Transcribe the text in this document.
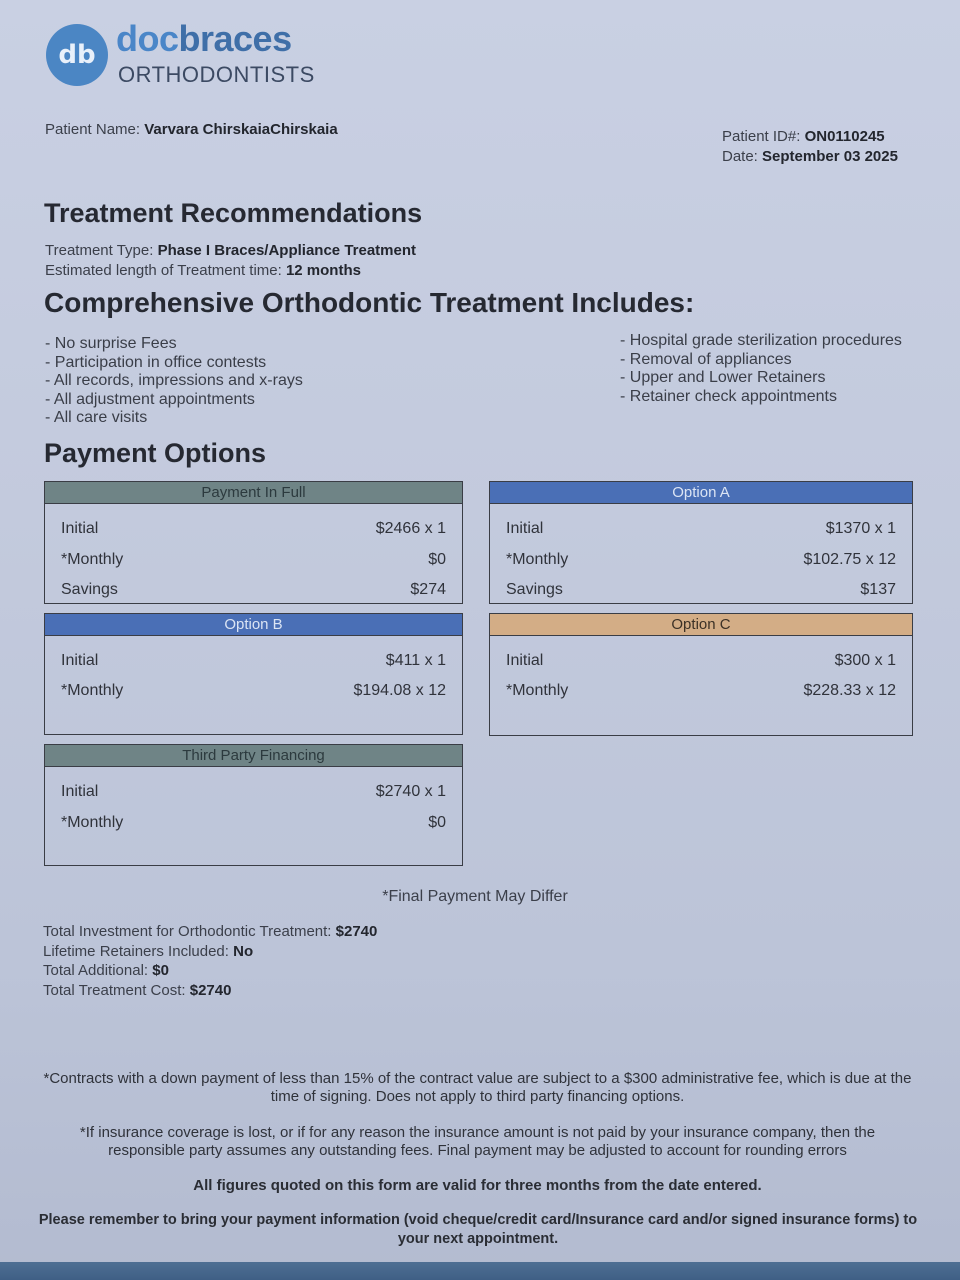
db docbraces
ORTHODONTISTS
Patient Name: Varvara ChirskaiaChirskaia	Patient ID#: ON0110245
Date: September 03 2025
Treatment Recommendations
Treatment Type: Phase I Braces/Appliance Treatment
Estimated length of Treatment time: 12 months
Comprehensive Orthodontic Treatment Includes:
- No surprise Fees
- Participation in office contests
- All records, impressions and x-rays
- All adjustment appointments
- All care visits
- Hospital grade sterilization procedures
- Removal of appliances
- Upper and Lower Retainers
- Retainer check appointments
Payment Options
Payment In Full
Initial	$2466 x 1
*Monthly	$0
Savings	$274
Option A
Initial	$1370 x 1
*Monthly	$102.75 x 12
Savings	$137
Option B
Initial	$411 x 1
*Monthly	$194.08 x 12
Option C
Initial	$300 x 1
*Monthly	$228.33 x 12
Third Party Financing
Initial	$2740 x 1
*Monthly	$0
*Final Payment May Differ
Total Investment for Orthodontic Treatment: $2740
Lifetime Retainers Included: No
Total Additional: $0
Total Treatment Cost: $2740
*Contracts with a down payment of less than 15% of the contract value are subject to a $300 administrative fee, which is due at the time of signing. Does not apply to third party financing options.
*If insurance coverage is lost, or if for any reason the insurance amount is not paid by your insurance company, then the responsible party assumes any outstanding fees. Final payment may be adjusted to account for rounding errors
All figures quoted on this form are valid for three months from the date entered.
Please remember to bring your payment information (void cheque/credit card/Insurance card and/or signed insurance forms) to your next appointment.
